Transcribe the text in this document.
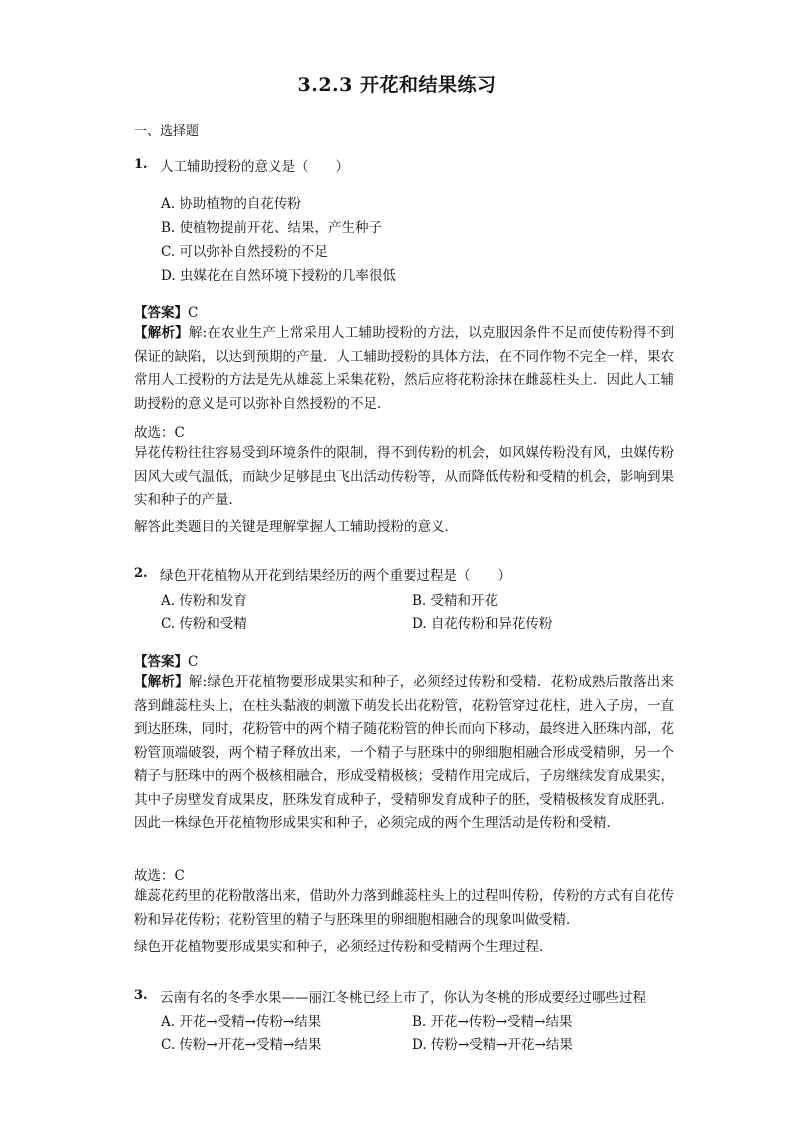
3.2.3 开花和结果练习
一、选择题
1. 人工辅助授粉的意义是（　　）
A. 协助植物的自花传粉
B. 使植物提前开花、结果，产生种子
C. 可以弥补自然授粉的不足
D. 虫媒花在自然环境下授粉的几率很低
【答案】C
【解析】解:在农业生产上常采用人工辅助授粉的方法，以克服因条件不足而使传粉得不到保证的缺陷，以达到预期的产量．人工辅助授粉的具体方法，在不同作物不完全一样，果农常用人工授粉的方法是先从雄蕊上采集花粉，然后应将花粉涂抹在雌蕊柱头上．因此人工辅助授粉的意义是可以弥补自然授粉的不足．
故选：C
异花传粉往往容易受到环境条件的限制，得不到传粉的机会，如风媒传粉没有风，虫媒传粉因风大或气温低，而缺少足够昆虫飞出活动传粉等，从而降低传粉和受精的机会，影响到果实和种子的产量．
解答此类题目的关键是理解掌握人工辅助授粉的意义．
2. 绿色开花植物从开花到结果经历的两个重要过程是（　　）
A. 传粉和发育	B. 受精和开花
C. 传粉和受精	D. 自花传粉和异花传粉
【答案】C
【解析】解:绿色开花植物要形成果实和种子，必须经过传粉和受精．花粉成熟后散落出来落到雌蕊柱头上，在柱头黏液的刺激下萌发长出花粉管，花粉管穿过花柱，进入子房，一直到达胚珠，同时，花粉管中的两个精子随花粉管的伸长而向下移动，最终进入胚珠内部，花粉管顶端破裂，两个精子释放出来，一个精子与胚珠中的卵细胞相融合形成受精卵，另一个精子与胚珠中的两个极核相融合，形成受精极核；受精作用完成后，子房继续发育成果实，其中子房壁发育成果皮，胚珠发育成种子，受精卵发育成种子的胚，受精极核发育成胚乳．因此一株绿色开花植物形成果实和种子，必须完成的两个生理活动是传粉和受精．
故选：C
雄蕊花药里的花粉散落出来，借助外力落到雌蕊柱头上的过程叫传粉，传粉的方式有自花传粉和异花传粉；花粉管里的精子与胚珠里的卵细胞相融合的现象叫做受精．
绿色开花植物要形成果实和种子，必须经过传粉和受精两个生理过程．
3. 云南有名的冬季水果——丽江冬桃已经上市了，你认为冬桃的形成要经过哪些过程
A. 开花→受精→传粉→结果	B. 开花→传粉→受精→结果
C. 传粉→开花→受精→结果	D. 传粉→受精→开花→结果
